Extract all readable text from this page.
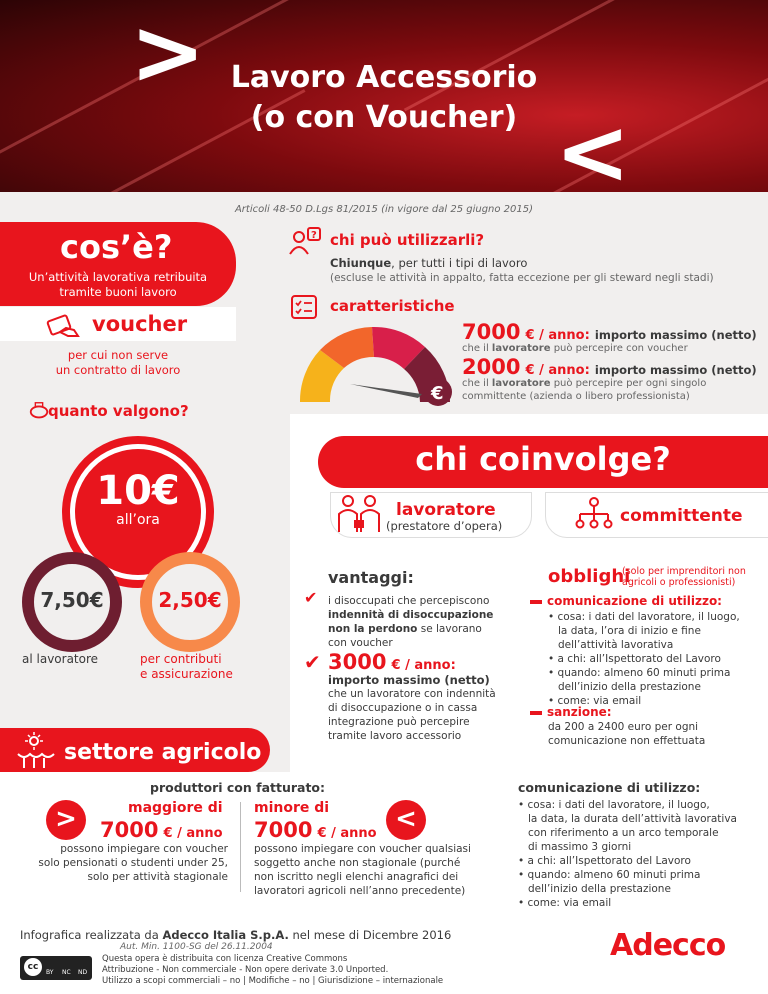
>
<
Lavoro Accessorio
(o con Voucher)
Articoli 48-50 D.Lgs 81/2015 (in vigore dal 25 giugno 2015)
cos’è?
Un’attività lavorativa retribuita
tramite buoni lavoro
voucher
per cui non serve
un contratto di lavoro
quanto valgono?
? chi può utilizzarli?
Chiunque, per tutti i tipi di lavoro
(escluse le attività in appalto, fatta eccezione per gli steward negli stadi)
caratteristiche
€
7000 € / anno: importo massimo (netto)
che il lavoratore può percepire con voucher
2000 € / anno: importo massimo (netto)
che il lavoratore può percepire per ogni singolo
committente (azienda o libero professionista)
chi coinvolge?
lavoratore
(prestatore d’opera)	committente
10€
all’ora
7,50€
al lavoratore
2,50€
per contributi
e assicurazione
vantaggi:
✔ i disoccupati che percepiscono
indennità di disoccupazione
non la perdono se lavorano
con voucher
✔ 3000 € / anno:
importo massimo (netto)
che un lavoratore con indennità
di disoccupazione o in cassa
integrazione può percepire
tramite lavoro accessorio
obblighi
(solo per imprenditori non
agricoli o professionisti)
comunicazione di utilizzo:
• cosa: i dati del lavoratore, il luogo,
la data, l’ora di inizio e fine
dell’attività lavorativa
• a chi: all’Ispettorato del Lavoro
• quando: almeno 60 minuti prima
dell’inizio della prestazione
• come: via email
sanzione:
da 200 a 2400 euro per ogni
comunicazione non effettuata
settore agricolo
produttori con fatturato:
>	maggiore di
7000 € / anno
possono impiegare con voucher
solo pensionati o studenti under 25,
solo per attività stagionale
minore di
7000 € / anno <
possono impiegare con voucher qualsiasi
soggetto anche non stagionale (purché
non iscritto negli elenchi anagrafici dei
lavoratori agricoli nell’anno precedente)
comunicazione di utilizzo:
• cosa: i dati del lavoratore, il luogo,
la data, la durata dell’attività lavorativa
con riferimento a un arco temporale
di massimo 3 giorni
• a chi: all’Ispettorato del Lavoro
• quando: almeno 60 minuti prima
dell’inizio della prestazione
• come: via email
Infografica realizzata da Adecco Italia S.p.A. nel mese di Dicembre 2016
Aut. Min. 1100-SG del 26.11.2004
cc
BY NC ND
Questa opera è distribuita con licenza Creative Commons
Attribuzione - Non commerciale - Non opere derivate 3.0 Unported.
Utilizzo a scopi commerciali – no | Modifiche – no | Giurisdizione – internazionale
Adecco
